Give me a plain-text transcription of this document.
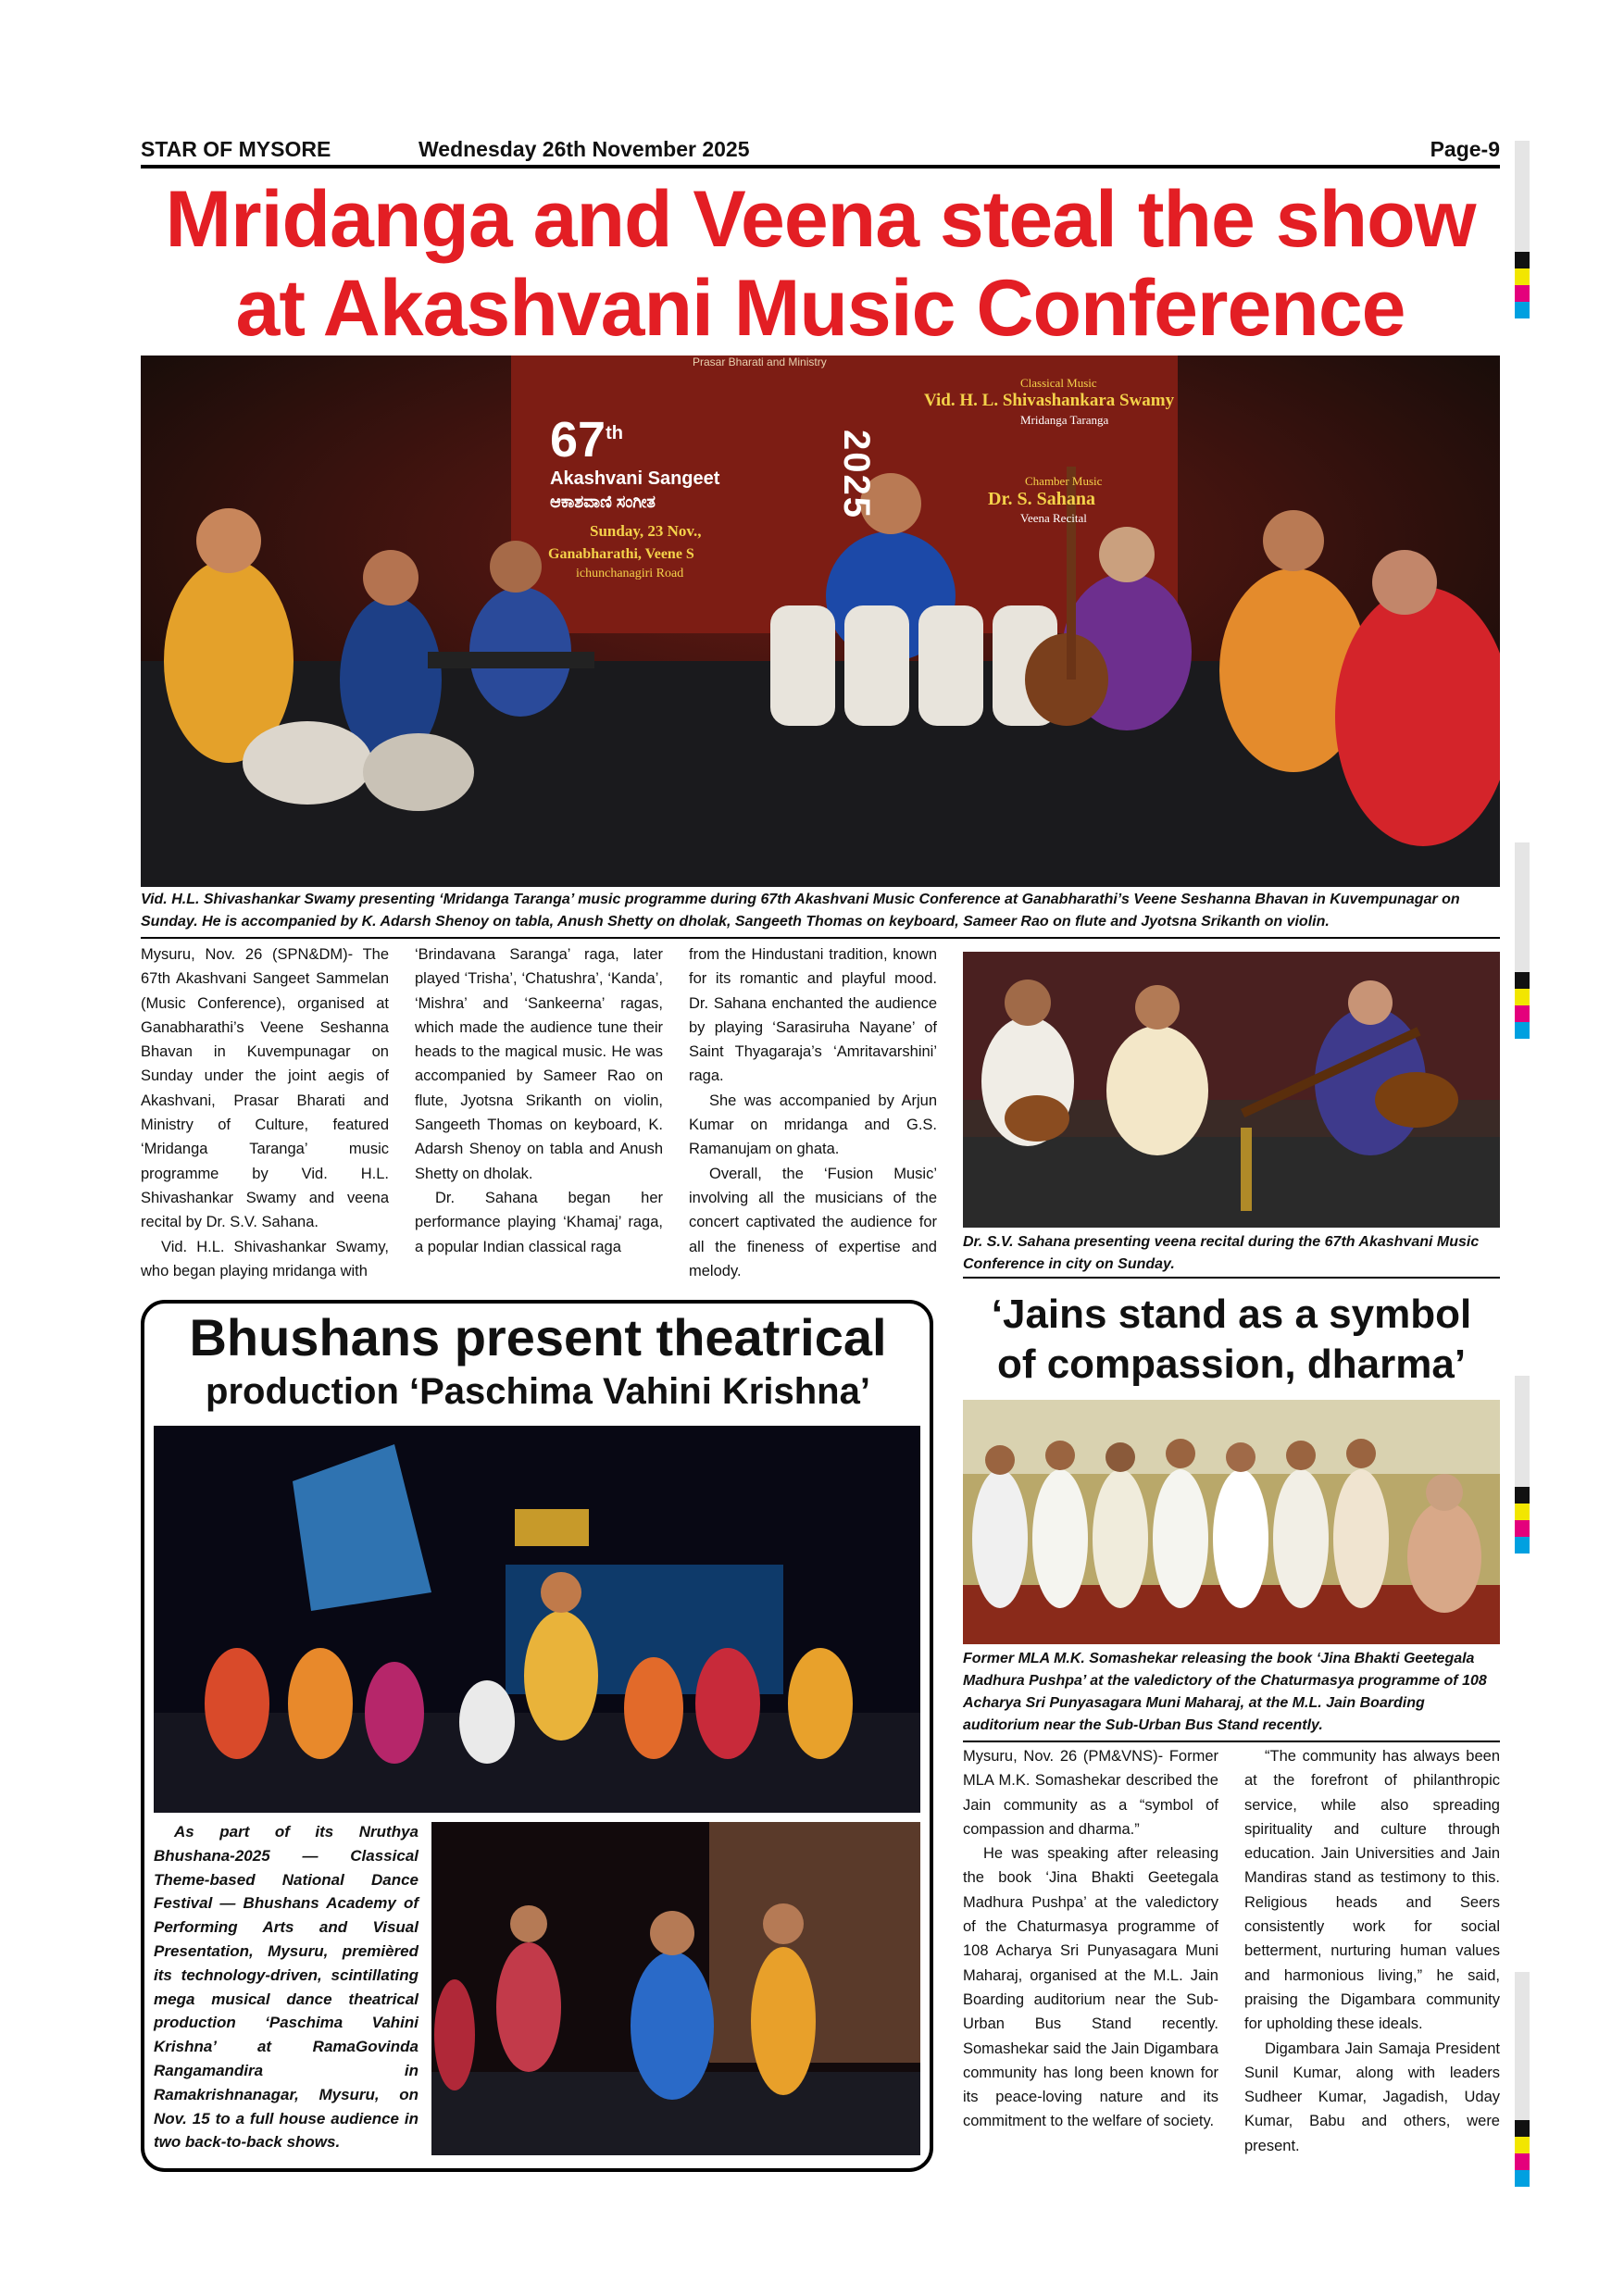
STAR OF MYSORE	Wednesday 26th November 2025	Page-9
Mridanga and Veena steal the show
at Akashvani Music Conference
67th
Akashvani Sangeet
ಆಕಾಶವಾಣಿ ಸಂಗೀತ	2025
Sunday, 23 Nov.,
Ganabharathi, Veene S
ichunchanagiri Road
Prasar Bharati and Ministry
Classical Music
Vid. H. L. Shivashankara Swamy
Mridanga Taranga
Chamber Music
Dr. S. Sahana
Veena Recital
Vid. H.L. Shivashankar Swamy presenting ‘Mridanga Taranga’ music programme during 67th Akashvani Music Conference at Ganabharathi’s Veene Seshanna Bhavan in Kuvempunagar on Sunday. He is accompanied by K. Adarsh Shenoy on tabla, Anush Shetty on dholak, Sangeeth Thomas on keyboard, Sameer Rao on flute and Jyotsna Srikanth on violin.

Mysuru, Nov. 26 (SPN&DM)- The 67th Akashvani Sangeet Sammelan (Music Conference), organised at Ganabharathi’s Veene Seshanna Bhavan in Kuvempunagar on Sunday under the joint aegis of Akashvani, Prasar Bharati and Ministry of Culture, featured ‘Mridanga Taranga’ music programme by Vid. H.L. Shivashankar Swamy and veena recital by Dr. S.V. Sahana.

Vid. H.L. Shivashankar Swamy, who began playing mridanga with

‘Brindavana Saranga’ raga, later played ‘Trisha’, ‘Chatushra’, ‘Kanda’, ‘Mishra’ and ‘Sankeerna’ ragas, which made the audience tune their heads to the magical music. He was accompanied by Sameer Rao on flute, Jyotsna Srikanth on violin, Sangeeth Thomas on keyboard, K. Adarsh Shenoy on tabla and Anush Shetty on dholak.

Dr. Sahana began her performance playing ‘Khamaj’ raga, a popular Indian classical raga

from the Hindustani tradition, known for its romantic and playful mood. Dr. Sahana enchanted the audience by playing ‘Sarasiruha Nayane’ of Saint Thyagaraja’s ‘Amritavarshini’ raga.

She was accompanied by Arjun Kumar on mridanga and G.S. Ramanujam on ghata.

Overall, the ‘Fusion Music’ involving all the musicians of the concert captivated the audience for all the fineness of expertise and melody.

Dr. S.V. Sahana presenting veena recital during the 67th Akashvani Music Conference in city on Sunday.
Bhushans present theatrical
production ‘Paschima Vahini Krishna’
As part of its Nruthya Bhushana-2025 — Classical Theme-based National Dance Festival — Bhushans Academy of Performing Arts and Visual Presentation, Mysuru, premièred its technology-driven, scintillating mega musical dance theatrical production ‘Paschima Vahini Krishna’ at RamaGovinda Rangamandira in Ramakrishnanagar, Mysuru, on Nov. 15 to a full house audience in two back-to-back shows.
‘Jains stand as a symbol
of compassion, dharma’
Former MLA M.K. Somashekar releasing the book ‘Jina Bhakti Geetegala Madhura Pushpa’ at the valedictory of the Chaturmasya programme of 108 Acharya Sri Punyasagara Muni Maharaj, at the M.L. Jain Boarding auditorium near the Sub-Urban Bus Stand recently.

Mysuru, Nov. 26 (PM&VNS)- Former MLA M.K. Somashekar described the Jain community as a “symbol of compassion and dharma.”

He was speaking after releasing the book ‘Jina Bhakti Geetegala Madhura Pushpa’ at the valedictory of the Chaturmasya programme of 108 Acharya Sri Punyasagara Muni Maharaj, organised at the M.L. Jain Boarding auditorium near the Sub-Urban Bus Stand recently. Somashekar said the Jain Digambara community has long been known for its peace-loving nature and its commitment to the welfare of society.

“The community has always been at the forefront of philanthropic service, while also spreading spirituality and culture through education. Jain Universities and Jain Mandiras stand as testimony to this. Religious heads and Seers consistently work for social betterment, nurturing human values and harmonious living,” he said, praising the Digambara community for upholding these ideals.

Digambara Jain Samaja President Sunil Kumar, along with leaders Sudheer Kumar, Jagadish, Uday Kumar, Babu and others, were present.
